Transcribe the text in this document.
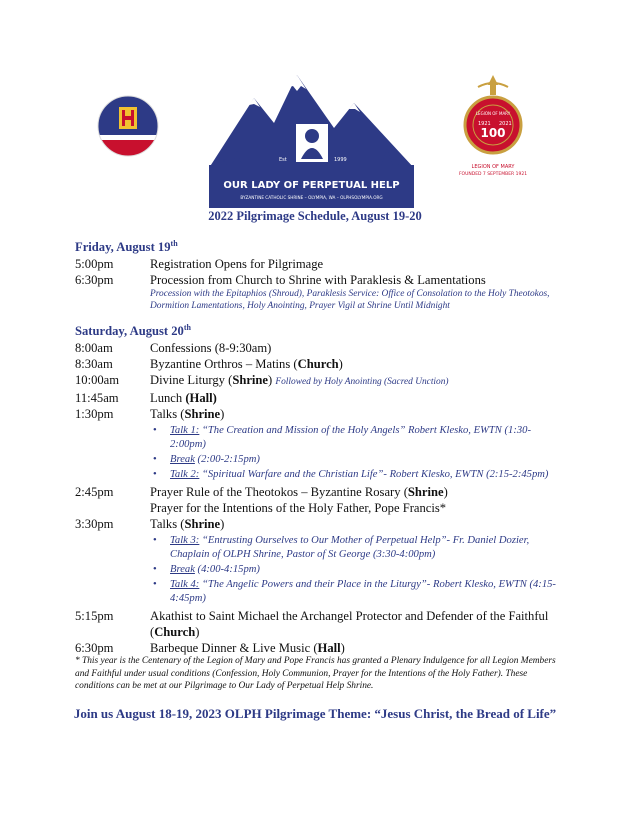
Est	1999
OUR LADY OF PERPETUAL HELP
BYZANTINE CATHOLIC SHRINE – OLYMPIA, WA – OLPHSOLYMPIA.ORG
LEGION OF MARY
1921 2021
100
LEGION OF MARY
FOUNDED 7 SEPTEMBER 1921
2022 Pilgrimage Schedule, August 19-20
Friday, August 19th
5:00pm	Registration Opens for Pilgrimage
6:30pm	Procession from Church to Shrine with Paraklesis & Lamentations
Procession with the Epitaphios (Shroud), Paraklesis Service: Office of Consolation to the Holy Theotokos, Dormition Lamentations, Holy Anointing, Prayer Vigil at Shrine Until Midnight
Saturday, August 20th
8:00am	Confessions (8-9:30am)
8:30am	Byzantine Orthros – Matins (Church)
10:00am	Divine Liturgy (Shrine) Followed by Holy Anointing (Sacred Unction)
11:45am	Lunch (Hall)
1:30pm	Talks (Shrine)
•	Talk 1: “The Creation and Mission of the Holy Angels” Robert Klesko, EWTN (1:30-2:00pm)
•	Break (2:00-2:15pm)
•	Talk 2: “Spiritual Warfare and the Christian Life”- Robert Klesko, EWTN (2:15-2:45pm)
2:45pm	Prayer Rule of the Theotokos – Byzantine Rosary (Shrine)
Prayer for the Intentions of the Holy Father, Pope Francis*
3:30pm	Talks (Shrine)
•	Talk 3: “Entrusting Ourselves to Our Mother of Perpetual Help”- Fr. Daniel Dozier, Chaplain of OLPH Shrine, Pastor of St George (3:30-4:00pm)
•	Break (4:00-4:15pm)
•	Talk 4: “The Angelic Powers and their Place in the Liturgy”- Robert Klesko, EWTN (4:15-4:45pm)
5:15pm	Akathist to Saint Michael the Archangel Protector and Defender of the Faithful (Church)
6:30pm	Barbeque Dinner & Live Music (Hall)
* This year is the Centenary of the Legion of Mary and Pope Francis has granted a Plenary Indulgence for all Legion Members and Faithful under usual conditions (Confession, Holy Communion, Prayer for the Intentions of the Holy Father). These conditions can be met at our Pilgrimage to Our Lady of Perpetual Help Shrine.
Join us August 18-19, 2023 OLPH Pilgrimage Theme: “Jesus Christ, the Bread of Life”
